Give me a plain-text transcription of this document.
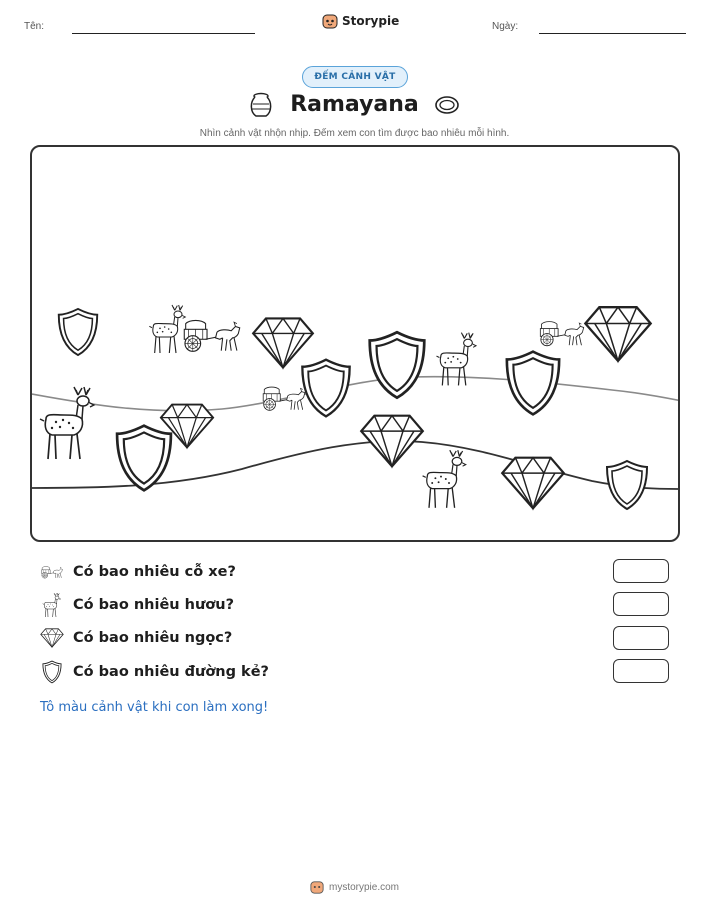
Tên:	Storypie	Ngày:
ĐẾM CẢNH VẬT
Ramayana
Nhìn cảnh vật nhộn nhịp. Đếm xem con tìm được bao nhiêu mỗi hình.
Có bao nhiêu cỗ xe?
Có bao nhiêu hươu?
Có bao nhiêu ngọc?
Có bao nhiêu đường kẻ?
Tô màu cảnh vật khi con làm xong!
mystorypie.com
